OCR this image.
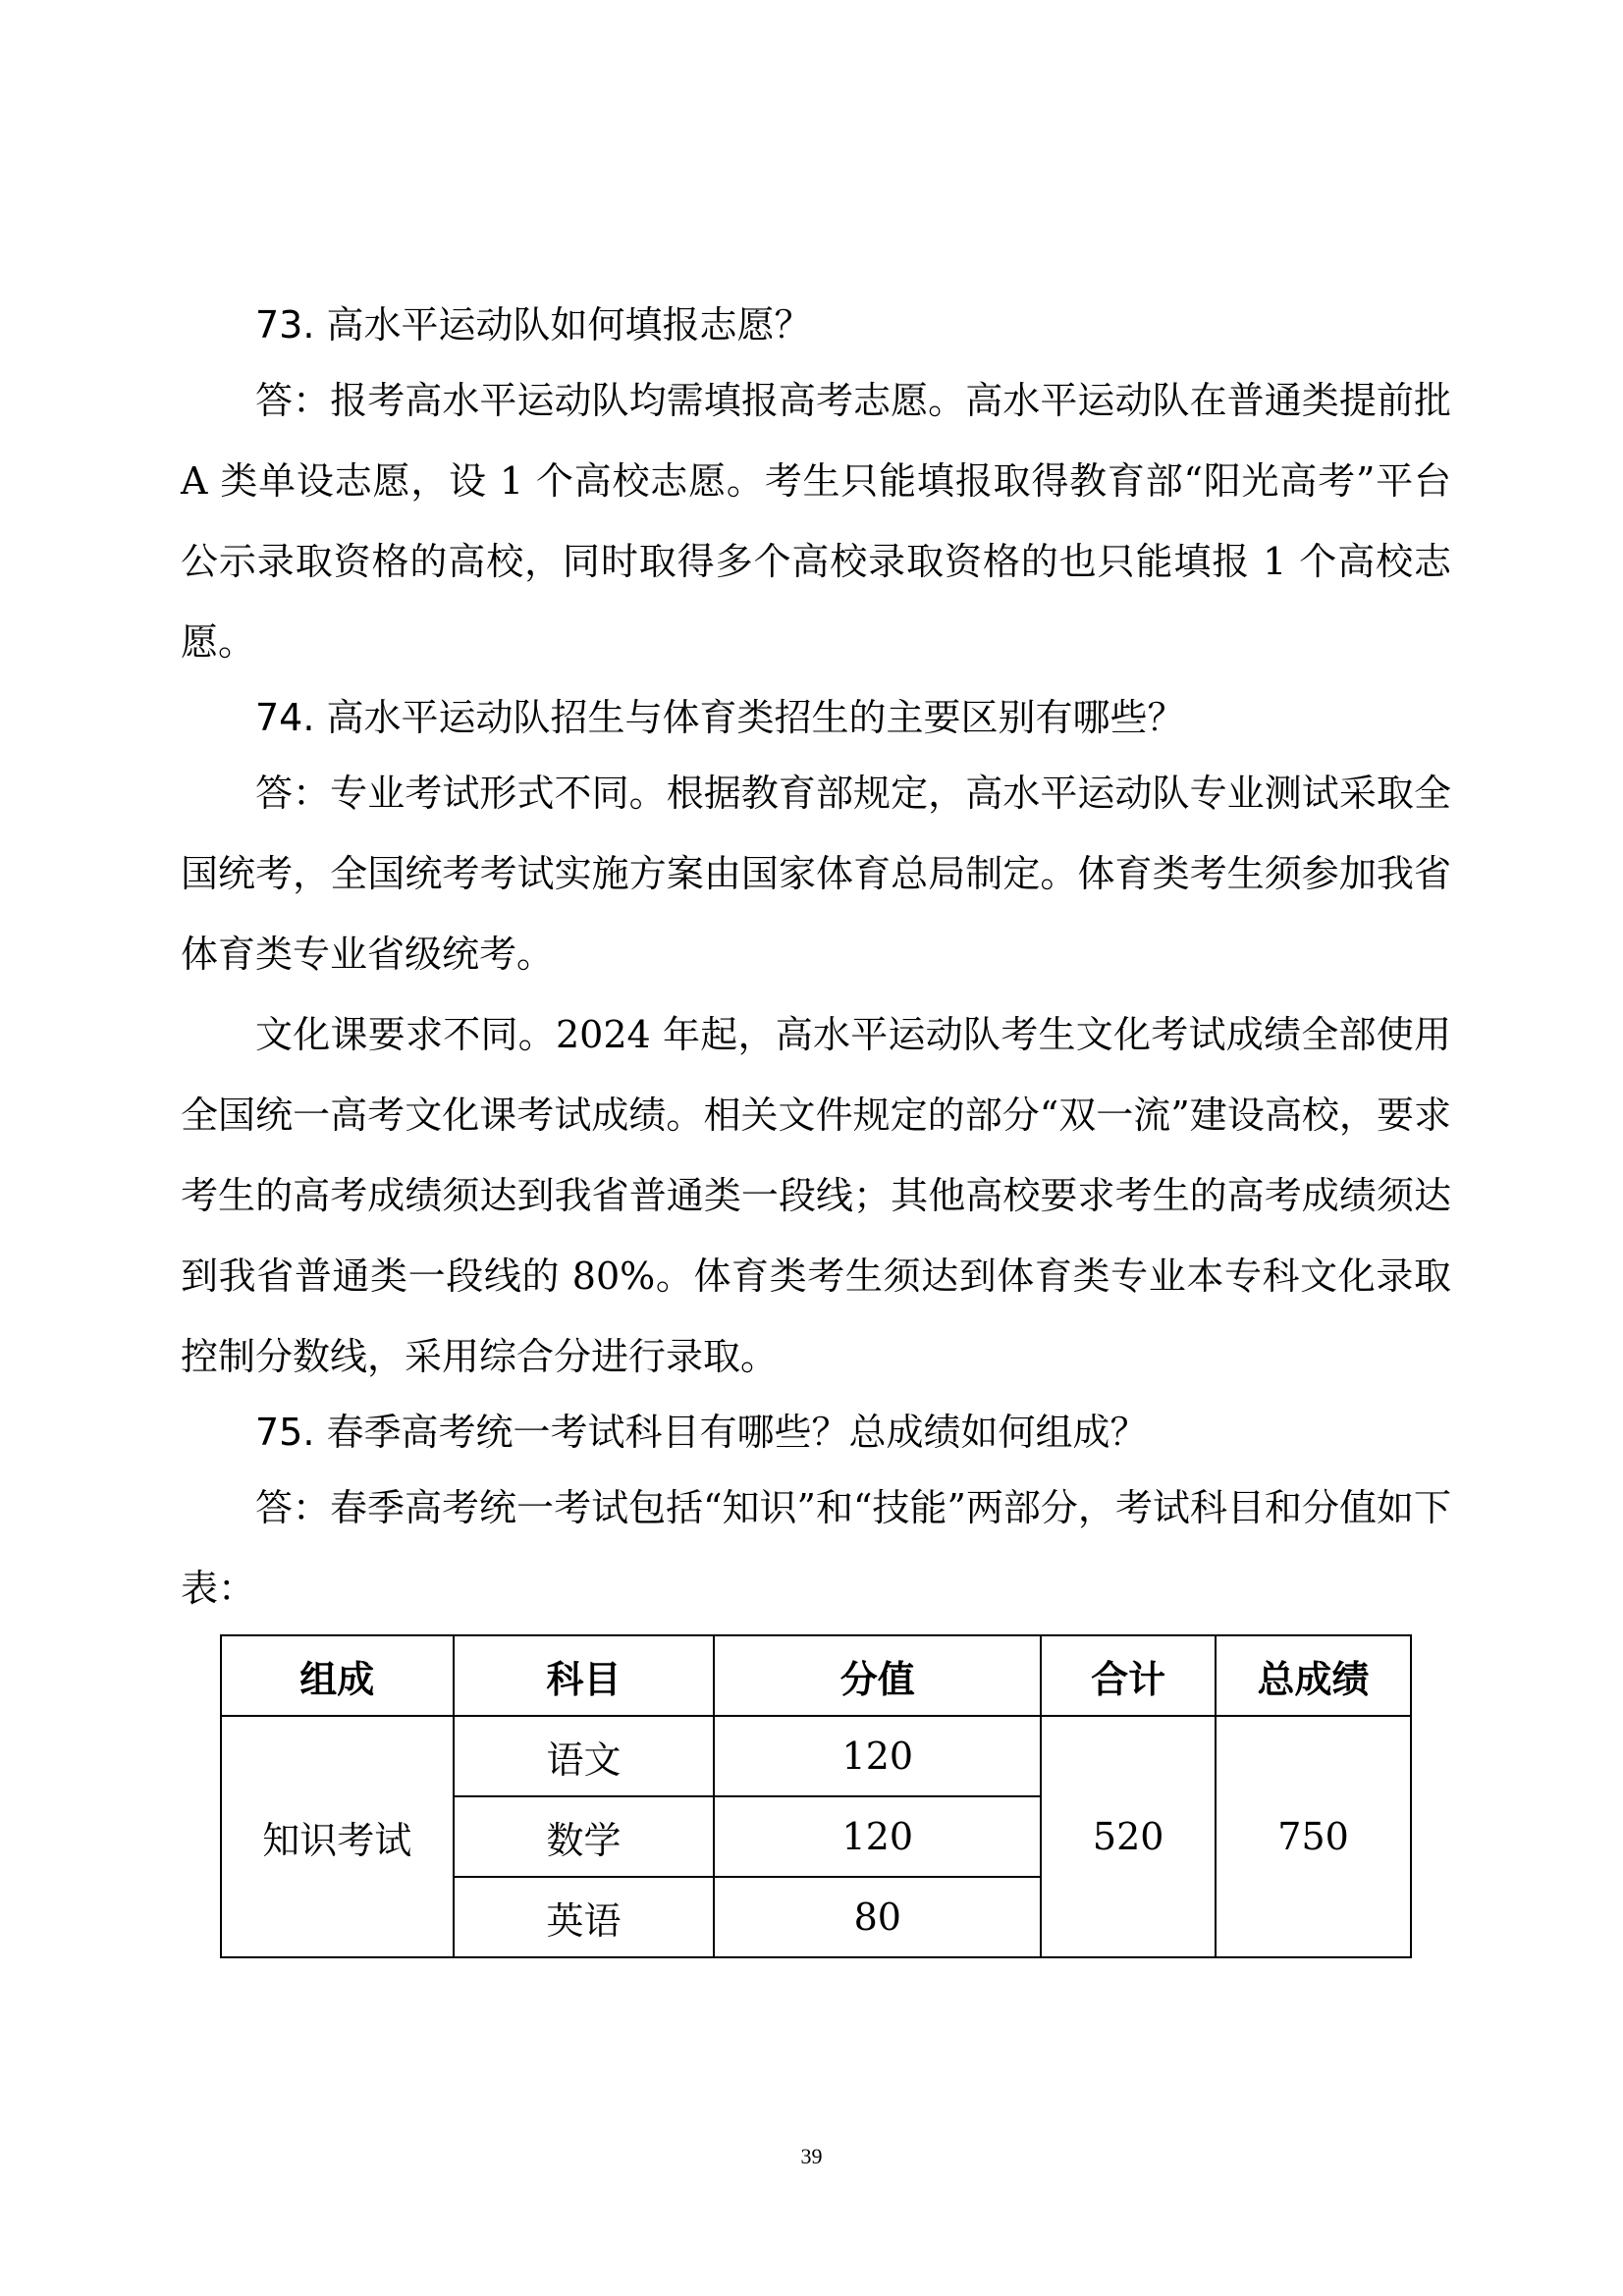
73. 高水平运动队如何填报志愿？

答：报考高水平运动队均需填报高考志愿。高水平运动队在普通类提前批 A 类单设志愿，设 1 个高校志愿。考生只能填报取得教育部“阳光高考”平台公示录取资格的高校，同时取得多个高校录取资格的也只能填报 1 个高校志愿。

74. 高水平运动队招生与体育类招生的主要区别有哪些？

答：专业考试形式不同。根据教育部规定，高水平运动队专业测试采取全国统考，全国统考考试实施方案由国家体育总局制定。体育类考生须参加我省体育类专业省级统考。

文化课要求不同。2024 年起，高水平运动队考生文化考试成绩全部使用全国统一高考文化课考试成绩。相关文件规定的部分“双一流”建设高校，要求考生的高考成绩须达到我省普通类一段线；其他高校要求考生的高考成绩须达到我省普通类一段线的 80%。体育类考生须达到体育类专业本专科文化录取控制分数线，采用综合分进行录取。

75. 春季高考统一考试科目有哪些？总成绩如何组成？

答：春季高考统一考试包括“知识”和“技能”两部分，考试科目和分值如下表：

组成	科目	分值	合计	总成绩
知识考试	语文	120	520	750
	数学	120		
	英语	80		
39
